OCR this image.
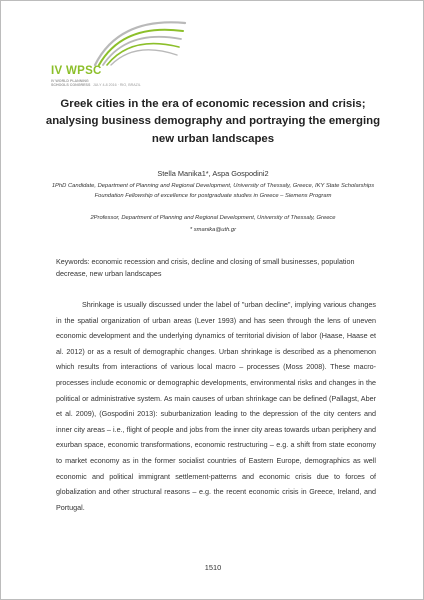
IV WPSC
IV WORLD PLANNING SCHOOLS CONGRESS JULY 4-8 2016 · RIO, BRAZIL
Greek cities in the era of economic recession and crisis; analysing business demography and portraying the emerging new urban landscapes
Stella Manika1*, Aspa Gospodini2
1PhD Candidate, Department of Planning and Regional Development, University of Thessaly, Greece, IKY State Scholarships Foundation Fellowship of excellence for postgraduate studies in Greece – Siemens Program
2Professor, Department of Planning and Regional Development, University of Thessaly, Greece
* smanika@uth.gr
Keywords: economic recession and crisis, decline and closing of small businesses, population decrease, new urban landscapes
Shrinkage is usually discussed under the label of "urban decline", implying various changes in the spatial organization of urban areas (Lever 1993) and has seen through the lens of uneven economic development and the underlying dynamics of territorial division of labor (Haase, Haase et al. 2012) or as a result of demographic changes. Urban shrinkage is described as a phenomenon which results from interactions of various local macro – processes (Moss 2008). These macro-processes include economic or demographic developments, environmental risks and changes in the political or administrative system. As main causes of urban shrinkage can be defined (Pallagst, Aber et al. 2009), (Gospodini 2013): suburbanization leading to the depression of the city centers and inner city areas – i.e., flight of people and jobs from the inner city areas towards urban periphery and exurban space, economic transformations, economic restructuring – e.g. a shift from state economy to market economy as in the former socialist countries of Eastern Europe, demographics as well economic and political immigrant settlement-patterns and economic crisis due to forces of globalization and other structural reasons – e.g. the recent economic crisis in Greece, Ireland, and Portugal.
1510
